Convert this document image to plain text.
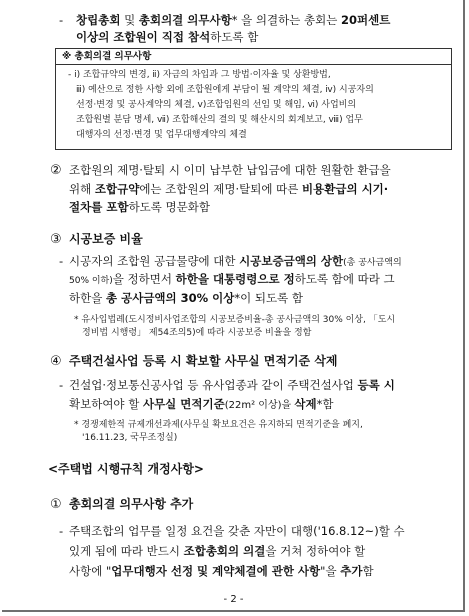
- 창립총회 및 총회의결 의무사항* 을 의결하는 총회는 20퍼센트
이상의 조합원이 직접 참석하도록 함
※ 총회의결 의무사항
- ⅰ) 조합규약의 변경, ⅱ) 자금의 차입과 그 방법·이자율 및 상환방법,
ⅲ) 예산으로 정한 사항 외에 조합원에게 부담이 될 계약의 체결, ⅳ) 시공자의
선정·변경 및 공사계약의 체결, ⅴ)조합임원의 선임 및 해임, ⅵ) 사업비의
조합원별 분담 명세, ⅶ) 조합해산의 결의 및 해산시의 회계보고, ⅷ) 업무
대행자의 선정·변경 및 업무대행계약의 체결
② 조합원의 제명·탈퇴 시 이미 납부한 납입금에 대한 원활한 환급을
위해 조합규약에는 조합원의 제명·탈퇴에 따른 비용환급의 시기·
절차를 포함하도록 명문화함
③ 시공보증 비율
- 시공자의 조합원 공급물량에 대한 시공보증금액의 상한(총 공사금액의
50% 이하)을 정하면서 하한을 대통령령으로 정하도록 함에 따라 그
하한을 총 공사금액의 30% 이상*이 되도록 함
* 유사입법례(도시정비사업조합의 시공보증비율-총 공사금액의 30% 이상, 「도시
정비법 시행령」 제54조의5)에 따라 시공보증 비율을 정함
④ 주택건설사업 등록 시 확보할 사무실 면적기준 삭제
- 건설업·정보통신공사업 등 유사업종과 같이 주택건설사업 등록 시
확보하여야 할 사무실 면적기준(22m² 이상)을 삭제*함
* 경쟁제한적 규제개선과제(사무실 확보요건은 유지하되 면적기준을 폐지,
'16.11.23, 국무조정실)
<주택법 시행규칙 개정사항>
① 총회의결 의무사항 추가
- 주택조합의 업무를 일정 요건을 갖춘 자만이 대행('16.8.12~)할 수
있게 됨에 따라 반드시 조합총회의 의결을 거쳐 정하여야 할
사항에 "업무대행자 선정 및 계약체결에 관한 사항"을 추가함
- 2 -
